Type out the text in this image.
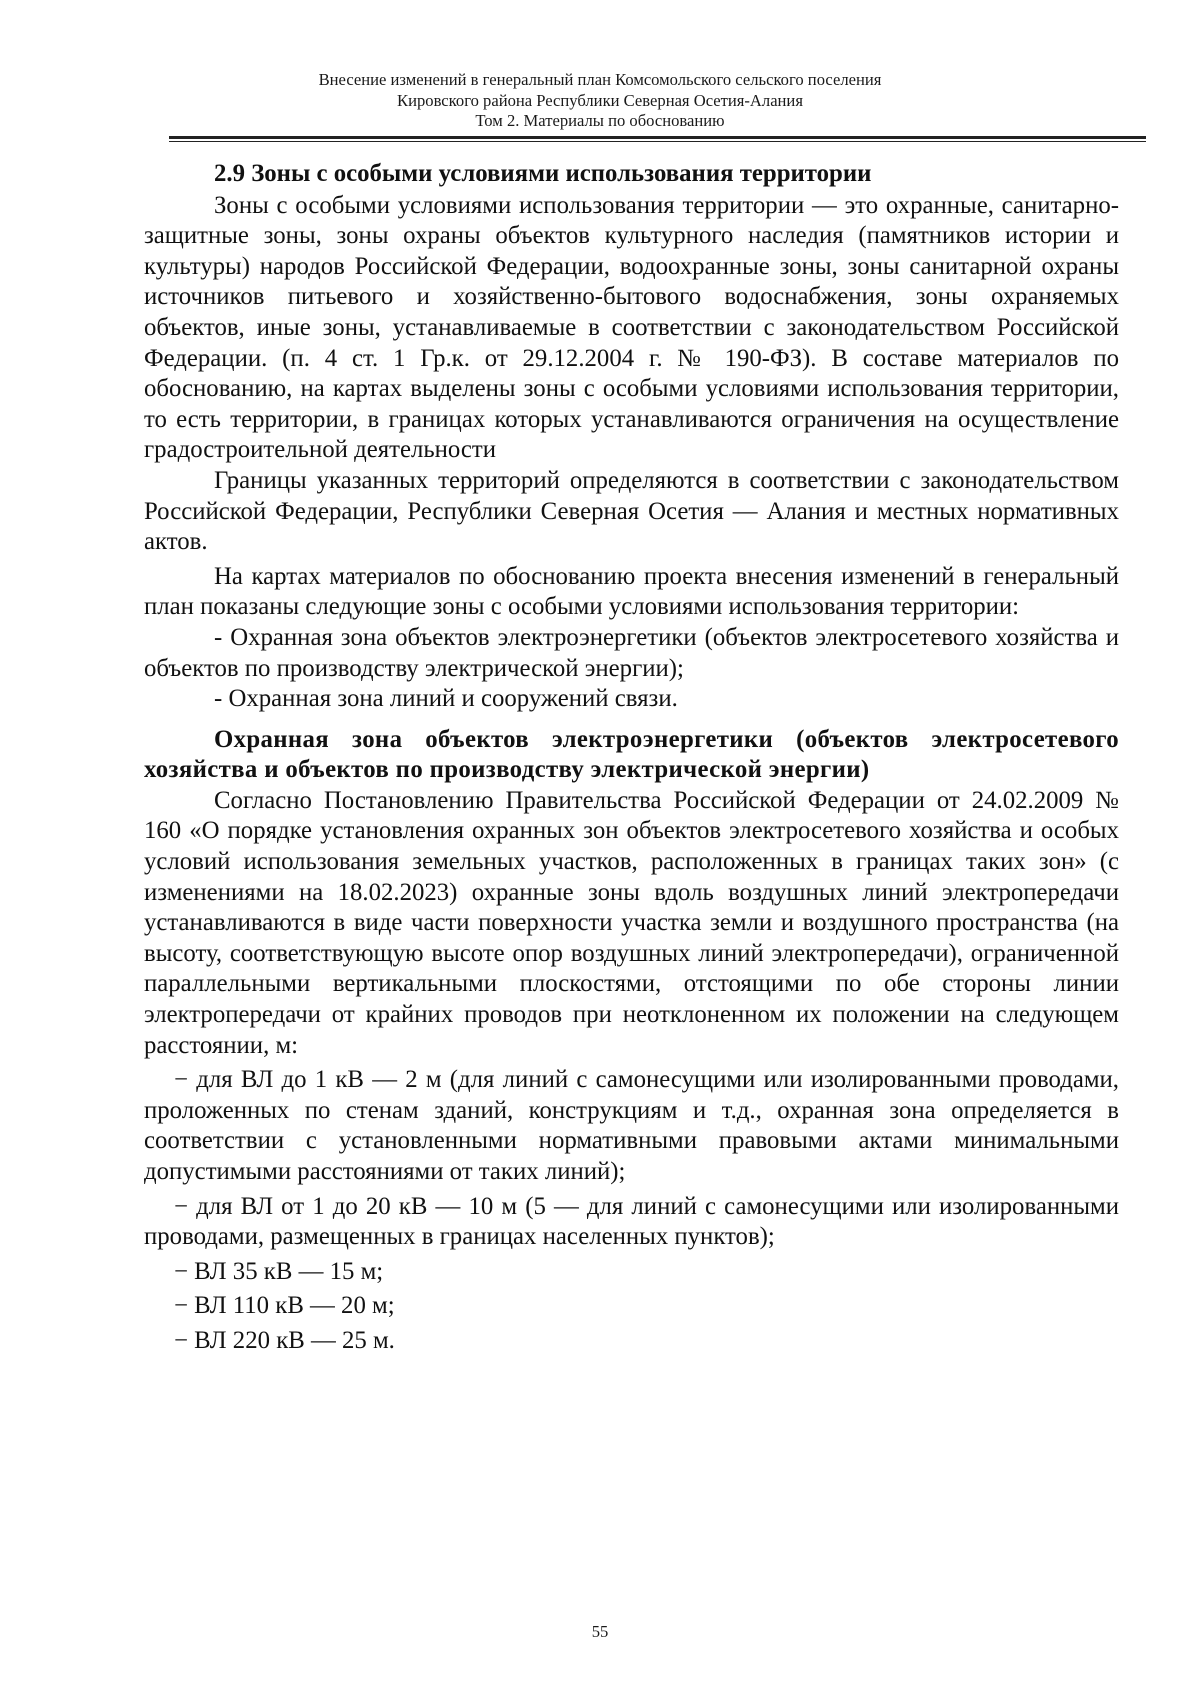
Внесение изменений в генеральный план Комсомольского сельского поселения
Кировского района Республики Северная Осетия-Алания
Том 2. Материалы по обоснованию

2.9 Зоны с особыми условиями использования территории

Зоны с особыми условиями использования территории — это охранные, санитарно-защитные зоны, зоны охраны объектов культурного наследия (памятников истории и культуры) народов Российской Федерации, водоохранные зоны, зоны санитарной охраны источников питьевого и хозяйственно-бытового водоснабжения, зоны охраняемых объектов, иные зоны, устанавливаемые в соответствии с законодательством Российской Федерации. (п. 4 ст. 1 Гр.к. от 29.12.2004 г. № 190-ФЗ). В составе материалов по обоснованию, на картах выделены зоны с особыми условиями использования территории, то есть территории, в границах которых устанавливаются ограничения на осуществление градостроительной деятельности

Границы указанных территорий определяются в соответствии с законодательством Российской Федерации, Республики Северная Осетия — Алания и местных нормативных актов.

На картах материалов по обоснованию проекта внесения изменений в генеральный план показаны следующие зоны с особыми условиями использования территории:

- Охранная зона объектов электроэнергетики (объектов электросетевого хозяйства и объектов по производству электрической энергии);

- Охранная зона линий и сооружений связи.

Охранная зона объектов электроэнергетики (объектов электросетевого хозяйства и объектов по производству электрической энергии)

Согласно Постановлению Правительства Российской Федерации от 24.02.2009 № 160 «О порядке установления охранных зон объектов электросетевого хозяйства и особых условий использования земельных участков, расположенных в границах таких зон» (с изменениями на 18.02.2023) охранные зоны вдоль воздушных линий электропередачи устанавливаются в виде части поверхности участка земли и воздушного пространства (на высоту, соответствующую высоте опор воздушных линий электропередачи), ограниченной параллельными вертикальными плоскостями, отстоящими по обе стороны линии электропередачи от крайних проводов при неотклоненном их положении на следующем расстоянии, м:

− для ВЛ до 1 кВ — 2 м (для линий с самонесущими или изолированными проводами, проложенных по стенам зданий, конструкциям и т.д., охранная зона определяется в соответствии с установленными нормативными правовыми актами минимальными допустимыми расстояниями от таких линий);

− для ВЛ от 1 до 20 кВ — 10 м (5 — для линий с самонесущими или изолированными проводами, размещенных в границах населенных пунктов);

− ВЛ 35 кВ — 15 м;

− ВЛ 110 кВ — 20 м;

− ВЛ 220 кВ — 25 м.

55
